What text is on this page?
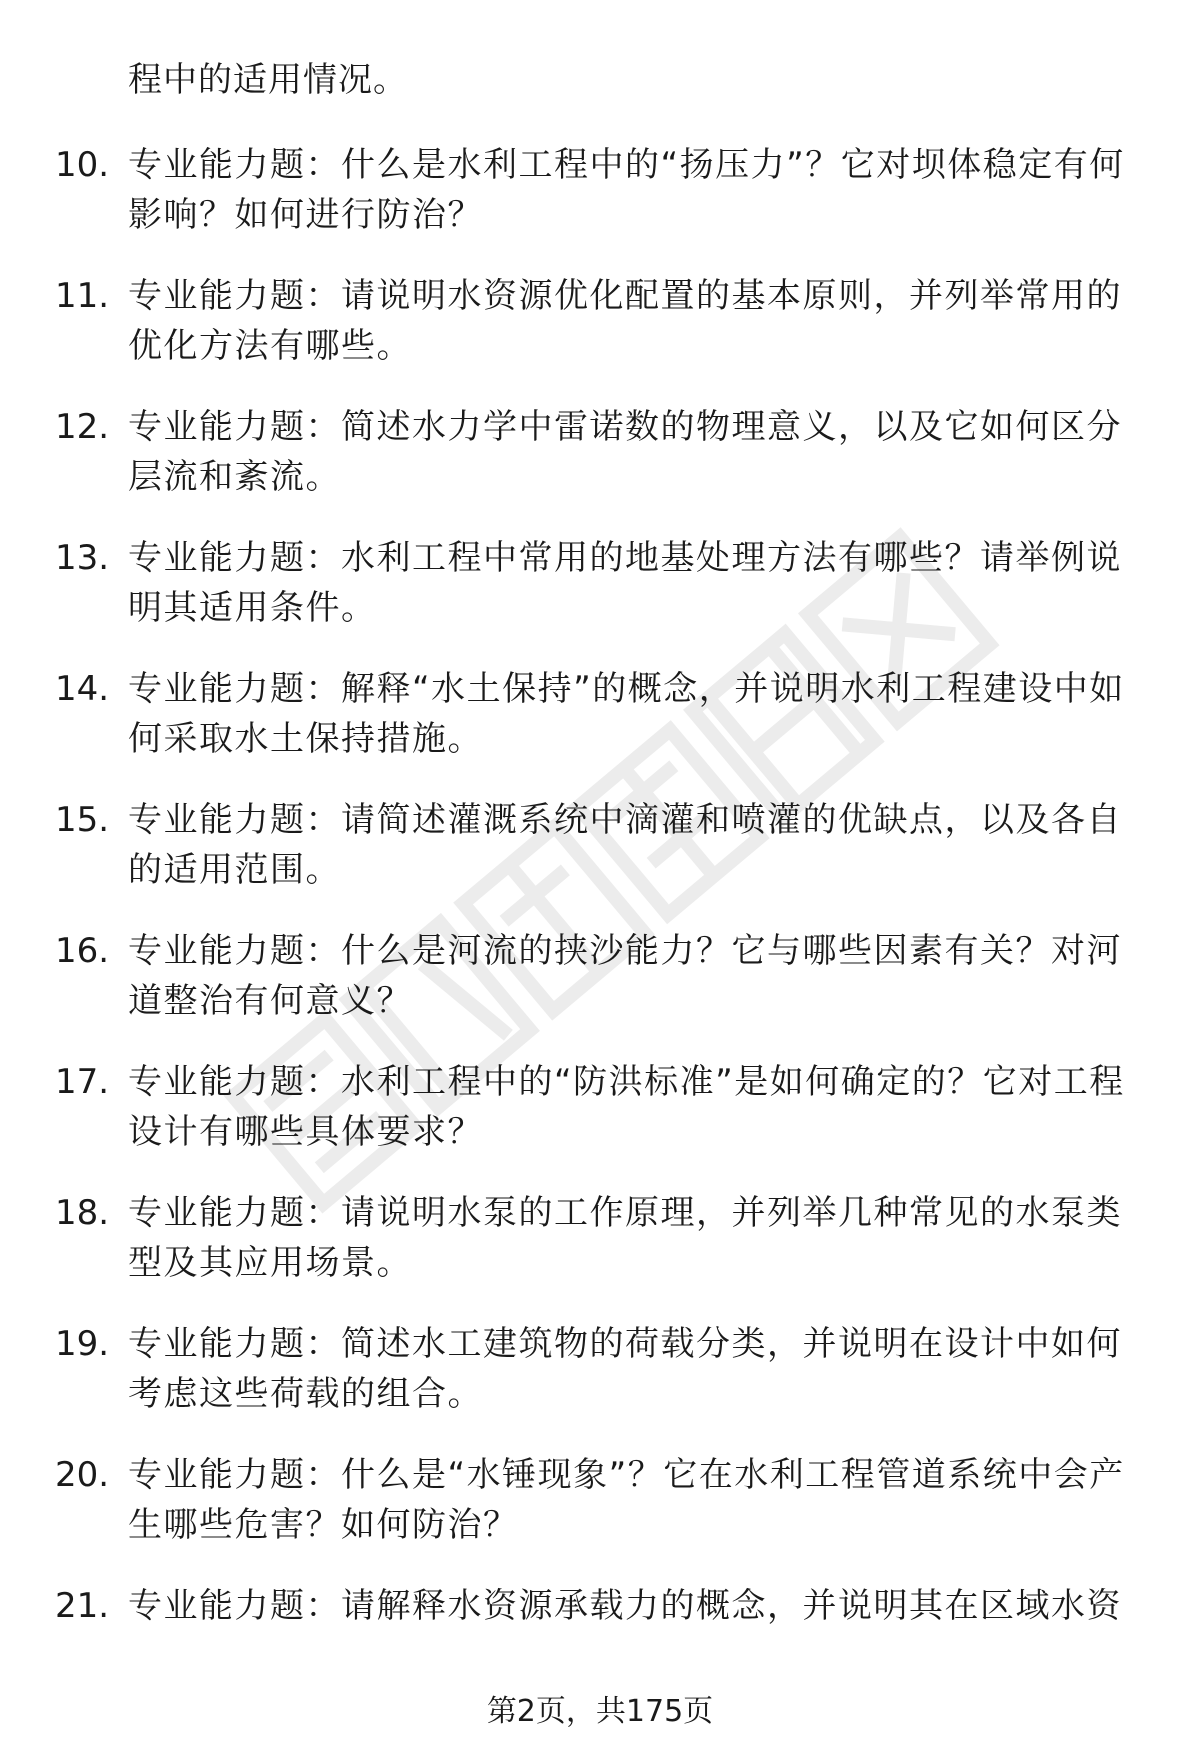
程中的适用情况。

10. 专业能力题：什么是水利工程中的“扬压力”？它对坝体稳定有何影响？如何进行防治？

11. 专业能力题：请说明水资源优化配置的基本原则，并列举常用的优化方法有哪些。

12. 专业能力题：简述水力学中雷诺数的物理意义，以及它如何区分层流和紊流。

13. 专业能力题：水利工程中常用的地基处理方法有哪些？请举例说明其适用条件。

14. 专业能力题：解释“水土保持”的概念，并说明水利工程建设中如何采取水土保持措施。

15. 专业能力题：请简述灌溉系统中滴灌和喷灌的优缺点，以及各自的适用范围。

16. 专业能力题：什么是河流的挟沙能力？它与哪些因素有关？对河道整治有何意义？

17. 专业能力题：水利工程中的“防洪标准”是如何确定的？它对工程设计有哪些具体要求？

18. 专业能力题：请说明水泵的工作原理，并列举几种常见的水泵类型及其应用场景。

19. 专业能力题：简述水工建筑物的荷载分类，并说明在设计中如何考虑这些荷载的组合。

20. 专业能力题：什么是“水锤现象”？它在水利工程管道系统中会产生哪些危害？如何防治？

21. 专业能力题：请解释水资源承载力的概念，并说明其在区域水资

第2页，共175页
